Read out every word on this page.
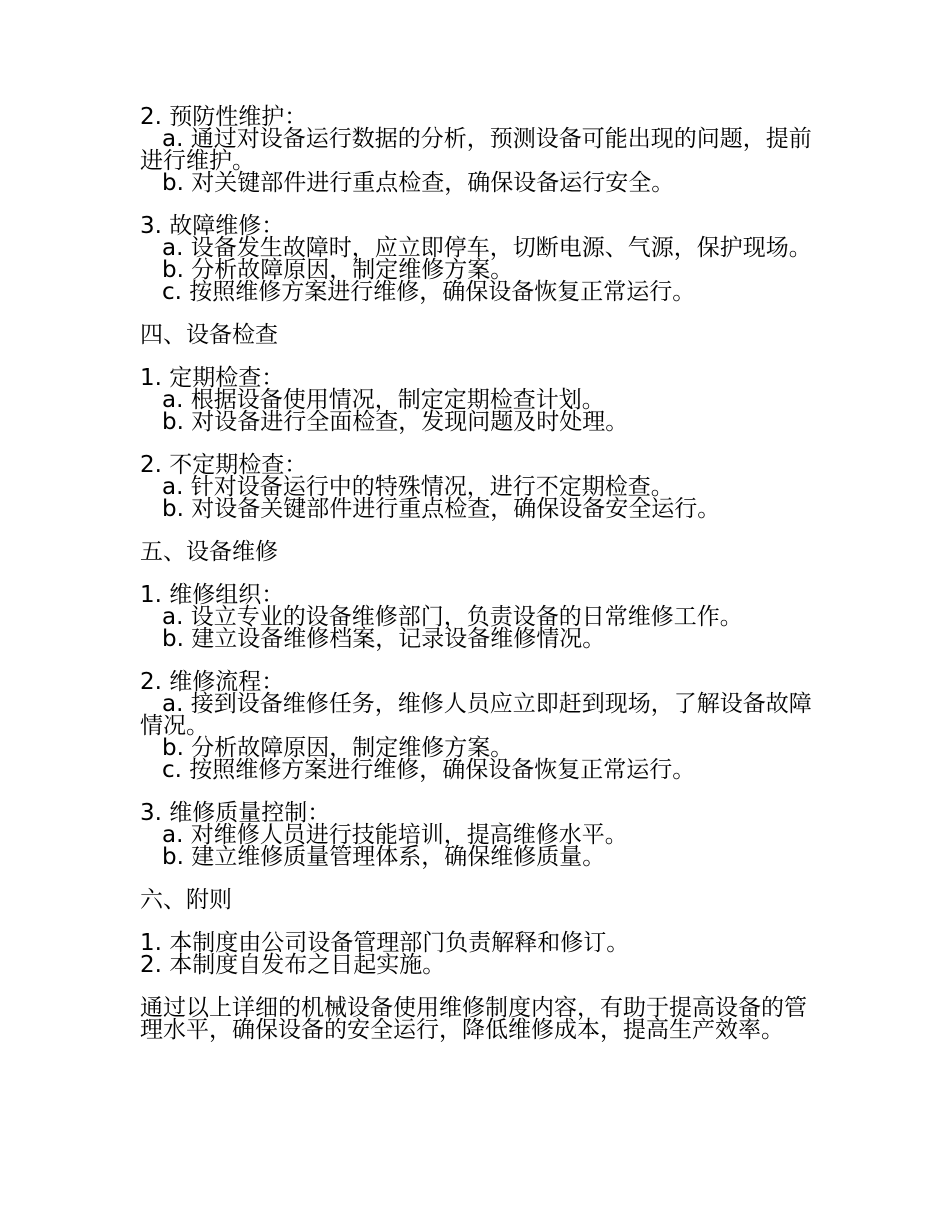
2. 预防性维护：
a. 通过对设备运行数据的分析，预测设备可能出现的问题，提前进行维护。
b. 对关键部件进行重点检查，确保设备运行安全。
3. 故障维修：
a. 设备发生故障时，应立即停车，切断电源、气源，保护现场。
b. 分析故障原因，制定维修方案。
c. 按照维修方案进行维修，确保设备恢复正常运行。
四、设备检查
1. 定期检查：
a. 根据设备使用情况，制定定期检查计划。
b. 对设备进行全面检查，发现问题及时处理。
2. 不定期检查：
a. 针对设备运行中的特殊情况，进行不定期检查。
b. 对设备关键部件进行重点检查，确保设备安全运行。
五、设备维修
1. 维修组织：
a. 设立专业的设备维修部门，负责设备的日常维修工作。
b. 建立设备维修档案，记录设备维修情况。
2. 维修流程：
a. 接到设备维修任务，维修人员应立即赶到现场，了解设备故障情况。
b. 分析故障原因，制定维修方案。
c. 按照维修方案进行维修，确保设备恢复正常运行。
3. 维修质量控制：
a. 对维修人员进行技能培训，提高维修水平。
b. 建立维修质量管理体系，确保维修质量。
六、附则
1. 本制度由公司设备管理部门负责解释和修订。
2. 本制度自发布之日起实施。
通过以上详细的机械设备使用维修制度内容，有助于提高设备的管理水平，确保设备的安全运行，降低维修成本，提高生产效率。
